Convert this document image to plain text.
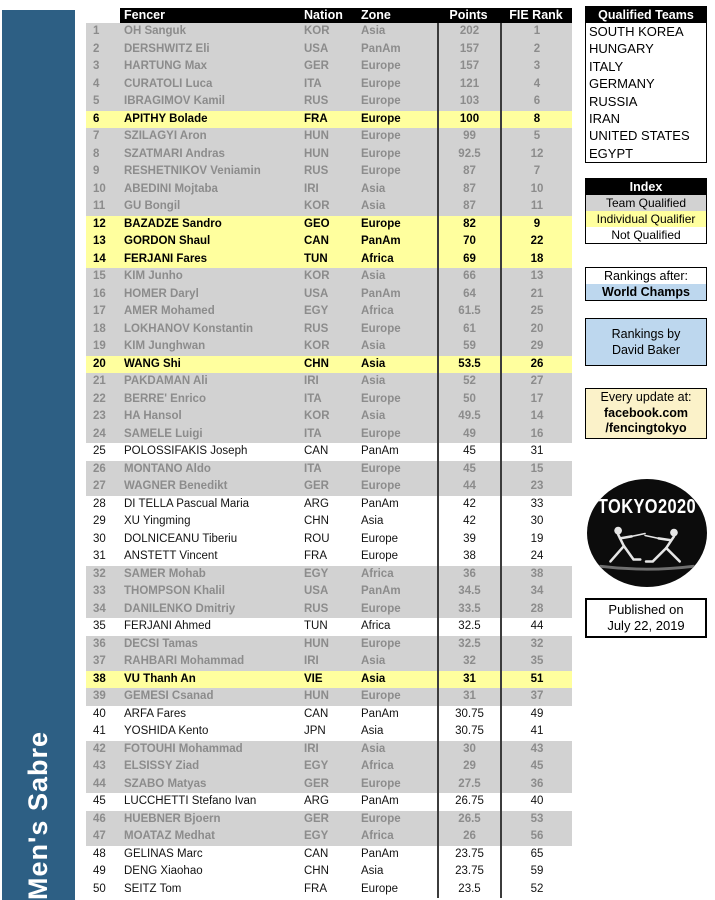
Men's Sabre
Fencer	Nation	Zone	Points	FIE Rank
1	OH Sanguk	KOR	Asia	202	1
2	DERSHWITZ Eli	USA	PanAm	157	2
3	HARTUNG Max	GER	Europe	157	3
4	CURATOLI Luca	ITA	Europe	121	4
5	IBRAGIMOV Kamil	RUS	Europe	103	6
6	APITHY Bolade	FRA	Europe	100	8
7	SZILAGYI Aron	HUN	Europe	99	5
8	SZATMARI Andras	HUN	Europe	92.5	12
9	RESHETNIKOV Veniamin	RUS	Europe	87	7
10	ABEDINI Mojtaba	IRI	Asia	87	10
11	GU Bongil	KOR	Asia	87	11
12	BAZADZE Sandro	GEO	Europe	82	9
13	GORDON Shaul	CAN	PanAm	70	22
14	FERJANI Fares	TUN	Africa	69	18
15	KIM Junho	KOR	Asia	66	13
16	HOMER Daryl	USA	PanAm	64	21
17	AMER Mohamed	EGY	Africa	61.5	25
18	LOKHANOV Konstantin	RUS	Europe	61	20
19	KIM Junghwan	KOR	Asia	59	29
20	WANG Shi	CHN	Asia	53.5	26
21	PAKDAMAN Ali	IRI	Asia	52	27
22	BERRE' Enrico	ITA	Europe	50	17
23	HA Hansol	KOR	Asia	49.5	14
24	SAMELE Luigi	ITA	Europe	49	16
25	POLOSSIFAKIS Joseph	CAN	PanAm	45	31
26	MONTANO Aldo	ITA	Europe	45	15
27	WAGNER Benedikt	GER	Europe	44	23
28	DI TELLA Pascual Maria	ARG	PanAm	42	33
29	XU Yingming	CHN	Asia	42	30
30	DOLNICEANU Tiberiu	ROU	Europe	39	19
31	ANSTETT Vincent	FRA	Europe	38	24
32	SAMER Mohab	EGY	Africa	36	38
33	THOMPSON Khalil	USA	PanAm	34.5	34
34	DANILENKO Dmitriy	RUS	Europe	33.5	28
35	FERJANI Ahmed	TUN	Africa	32.5	44
36	DECSI Tamas	HUN	Europe	32.5	32
37	RAHBARI Mohammad	IRI	Asia	32	35
38	VU Thanh An	VIE	Asia	31	51
39	GEMESI Csanad	HUN	Europe	31	37
40	ARFA Fares	CAN	PanAm	30.75	49
41	YOSHIDA Kento	JPN	Asia	30.75	41
42	FOTOUHI Mohammad	IRI	Asia	30	43
43	ELSISSY Ziad	EGY	Africa	29	45
44	SZABO Matyas	GER	Europe	27.5	36
45	LUCCHETTI Stefano Ivan	ARG	PanAm	26.75	40
46	HUEBNER Bjoern	GER	Europe	26.5	53
47	MOATAZ Medhat	EGY	Africa	26	56
48	GELINAS Marc	CAN	PanAm	23.75	65
49	DENG Xiaohao	CHN	Asia	23.75	59
50	SEITZ Tom	FRA	Europe	23.5	52
Qualified Teams
SOUTH KOREA
HUNGARY
ITALY
GERMANY
RUSSIA
IRAN
UNITED STATES
EGYPT
Index
Team Qualified
Individual Qualifier
Not Qualified
Rankings after:
World Champs
Rankings by
David Baker
Every update at:
facebook.com
/fencingtokyo
TOKYO2020
Published on
July 22, 2019
